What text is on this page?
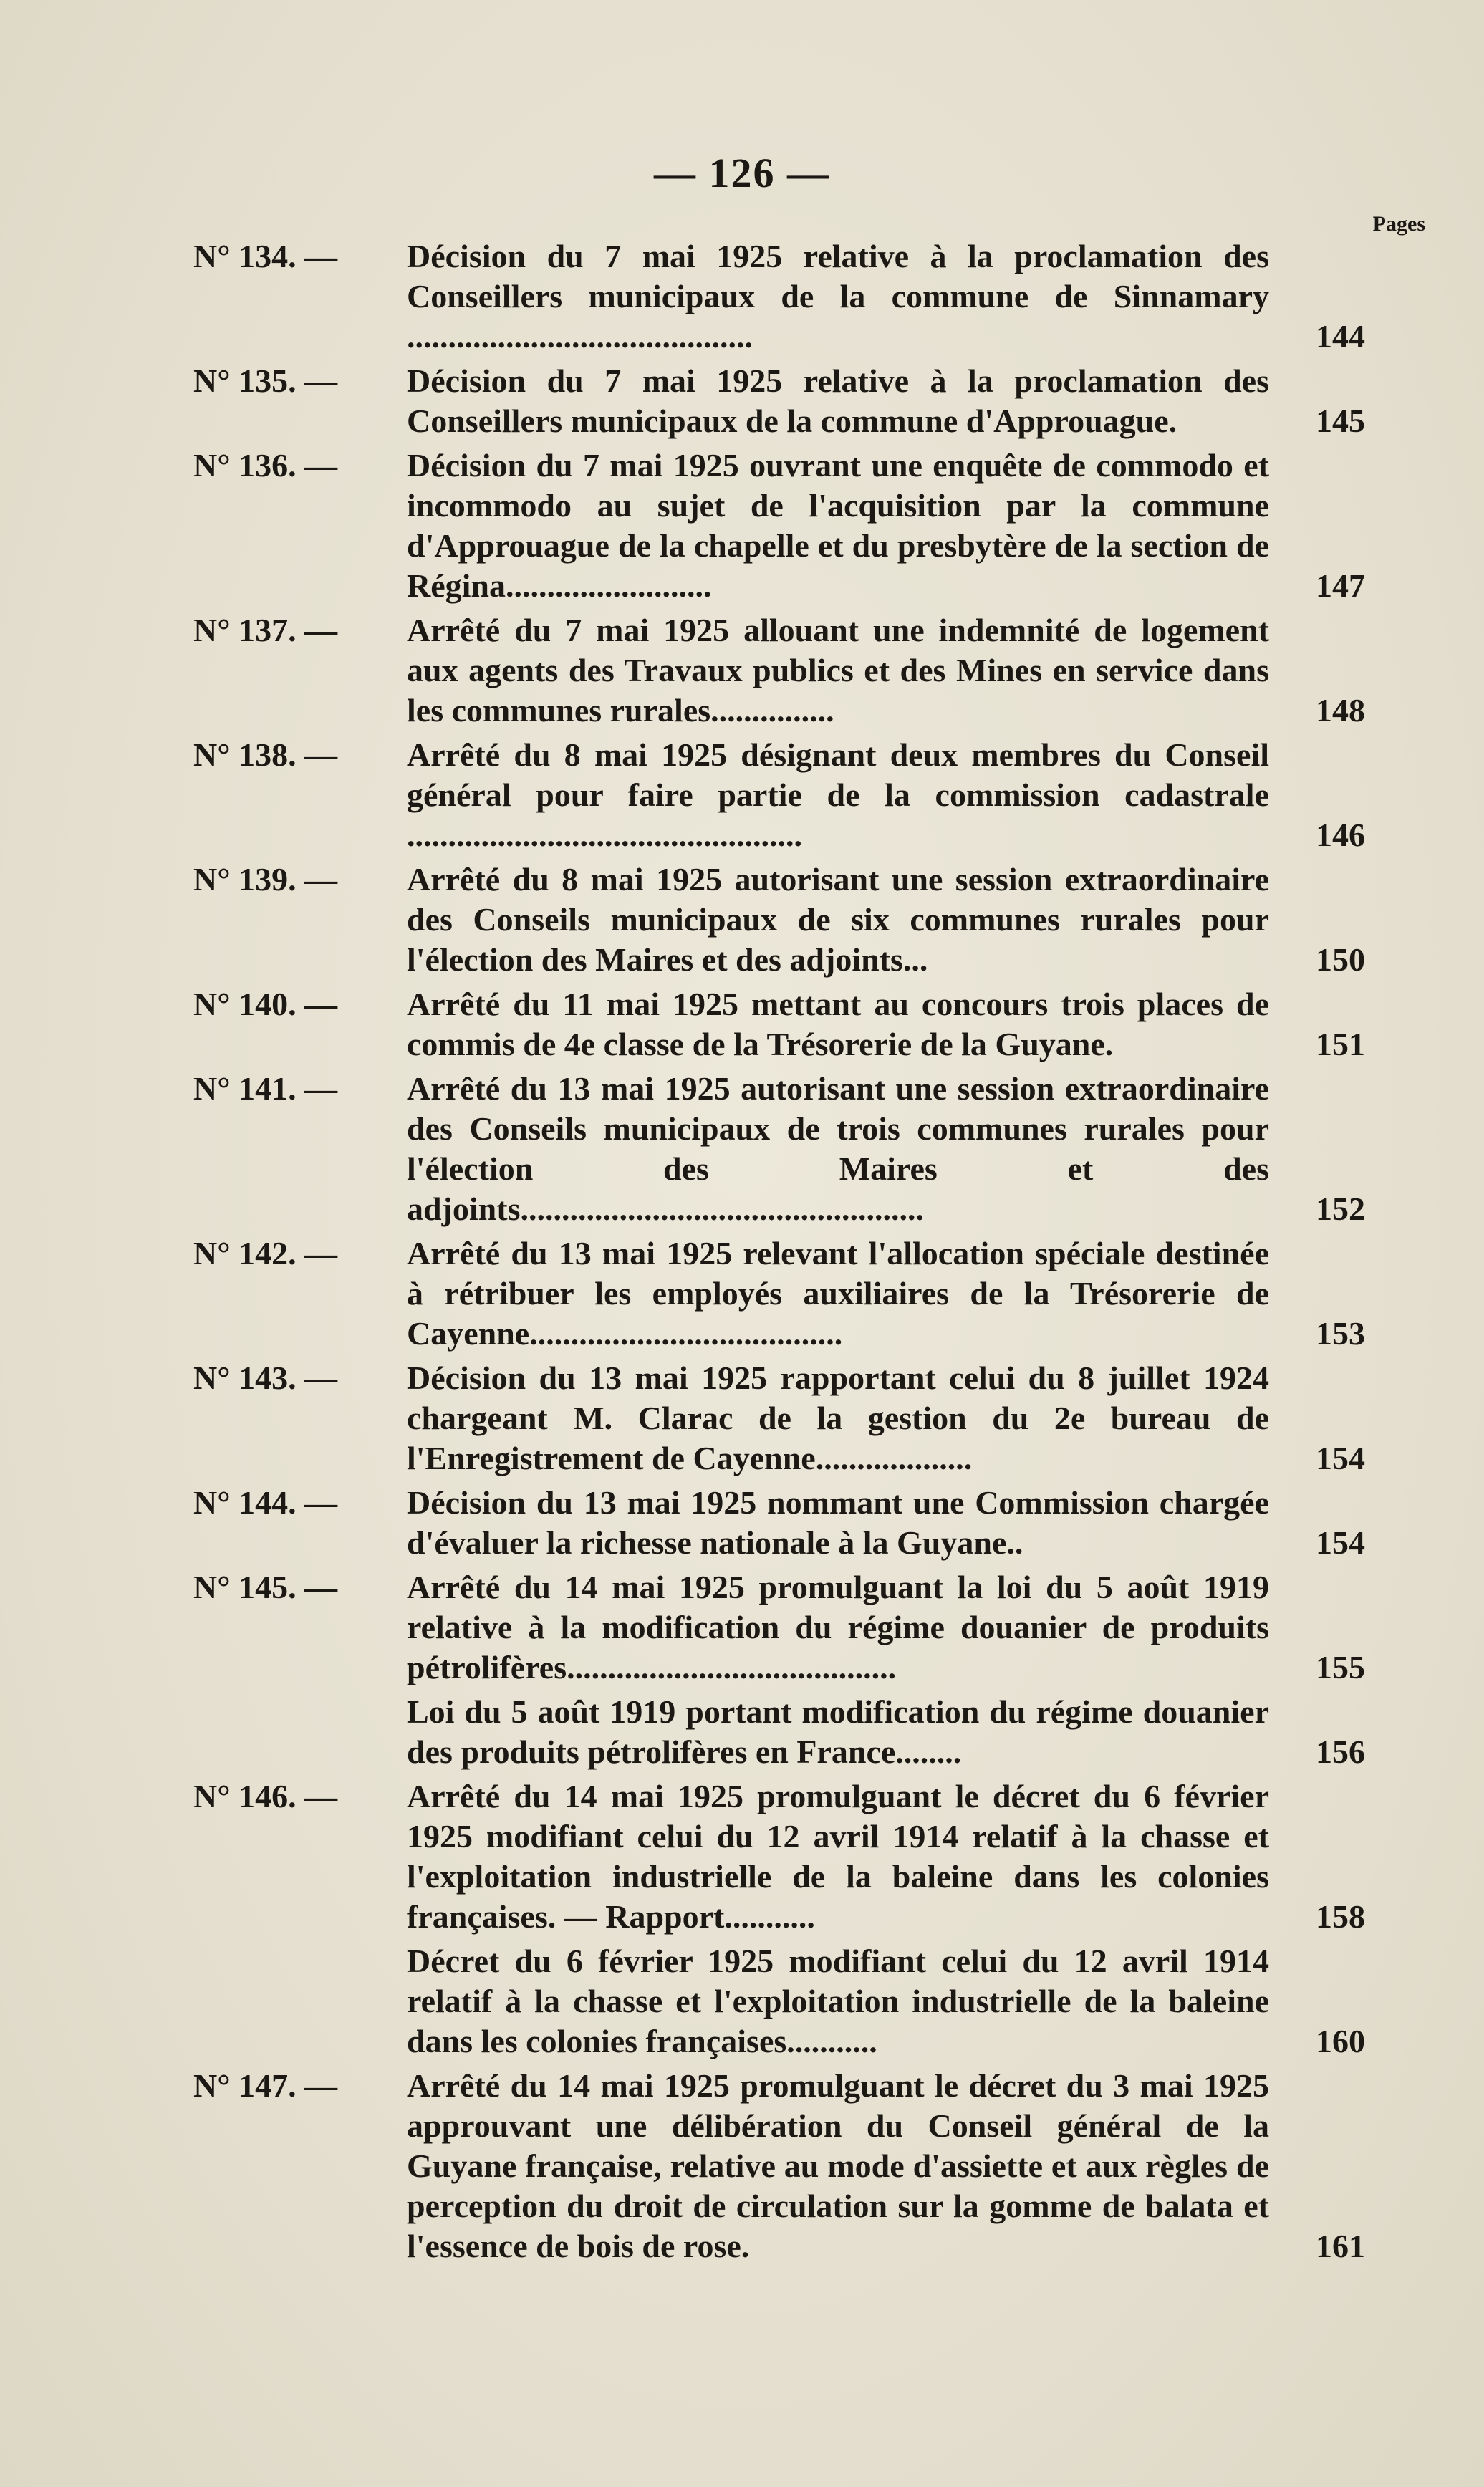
— 126 —
Pages
N° 134. — Décision du 7 mai 1925 relative à la proclamation des Conseillers municipaux de la commune de Sinnamary ..........................................	144
N° 135. — Décision du 7 mai 1925 relative à la proclamation des Conseillers municipaux de la commune d'Approuague.	145
N° 136. — Décision du 7 mai 1925 ouvrant une enquête de commodo et incommodo au sujet de l'acquisition par la commune d'Approuague de la chapelle et du presbytère de la section de Régina.........................	147
N° 137. — Arrêté du 7 mai 1925 allouant une indemnité de logement aux agents des Travaux publics et des Mines en service dans les communes rurales...............	148
N° 138. — Arrêté du 8 mai 1925 désignant deux membres du Conseil général pour faire partie de la commission cadastrale ................................................	146
N° 139. — Arrêté du 8 mai 1925 autorisant une session extraordinaire des Conseils municipaux de six communes rurales pour l'élection des Maires et des adjoints...	150
N° 140. — Arrêté du 11 mai 1925 mettant au concours trois places de commis de 4e classe de la Trésorerie de la Guyane.	151
N° 141. — Arrêté du 13 mai 1925 autorisant une session extraordinaire des Conseils municipaux de trois communes rurales pour l'élection des Maires et des adjoints.................................................	152
N° 142. — Arrêté du 13 mai 1925 relevant l'allocation spéciale destinée à rétribuer les employés auxiliaires de la Trésorerie de Cayenne......................................	153
N° 143. — Décision du 13 mai 1925 rapportant celui du 8 juillet 1924 chargeant M. Clarac de la gestion du 2e bureau de l'Enregistrement de Cayenne...................	154
N° 144. — Décision du 13 mai 1925 nommant une Commission chargée d'évaluer la richesse nationale à la Guyane..	154
N° 145. — Arrêté du 14 mai 1925 promulguant la loi du 5 août 1919 relative à la modification du régime douanier de produits pétrolifères........................................	155
Loi du 5 août 1919 portant modification du régime douanier des produits pétrolifères en France........	156
N° 146. — Arrêté du 14 mai 1925 promulguant le décret du 6 février 1925 modifiant celui du 12 avril 1914 relatif à la chasse et l'exploitation industrielle de la baleine dans les colonies françaises. — Rapport...........	158
Décret du 6 février 1925 modifiant celui du 12 avril 1914 relatif à la chasse et l'exploitation industrielle de la baleine dans les colonies françaises...........	160
N° 147. — Arrêté du 14 mai 1925 promulguant le décret du 3 mai 1925 approuvant une délibération du Conseil général de la Guyane française, relative au mode d'assiette et aux règles de perception du droit de circulation sur la gomme de balata et l'essence de bois de rose.	161
